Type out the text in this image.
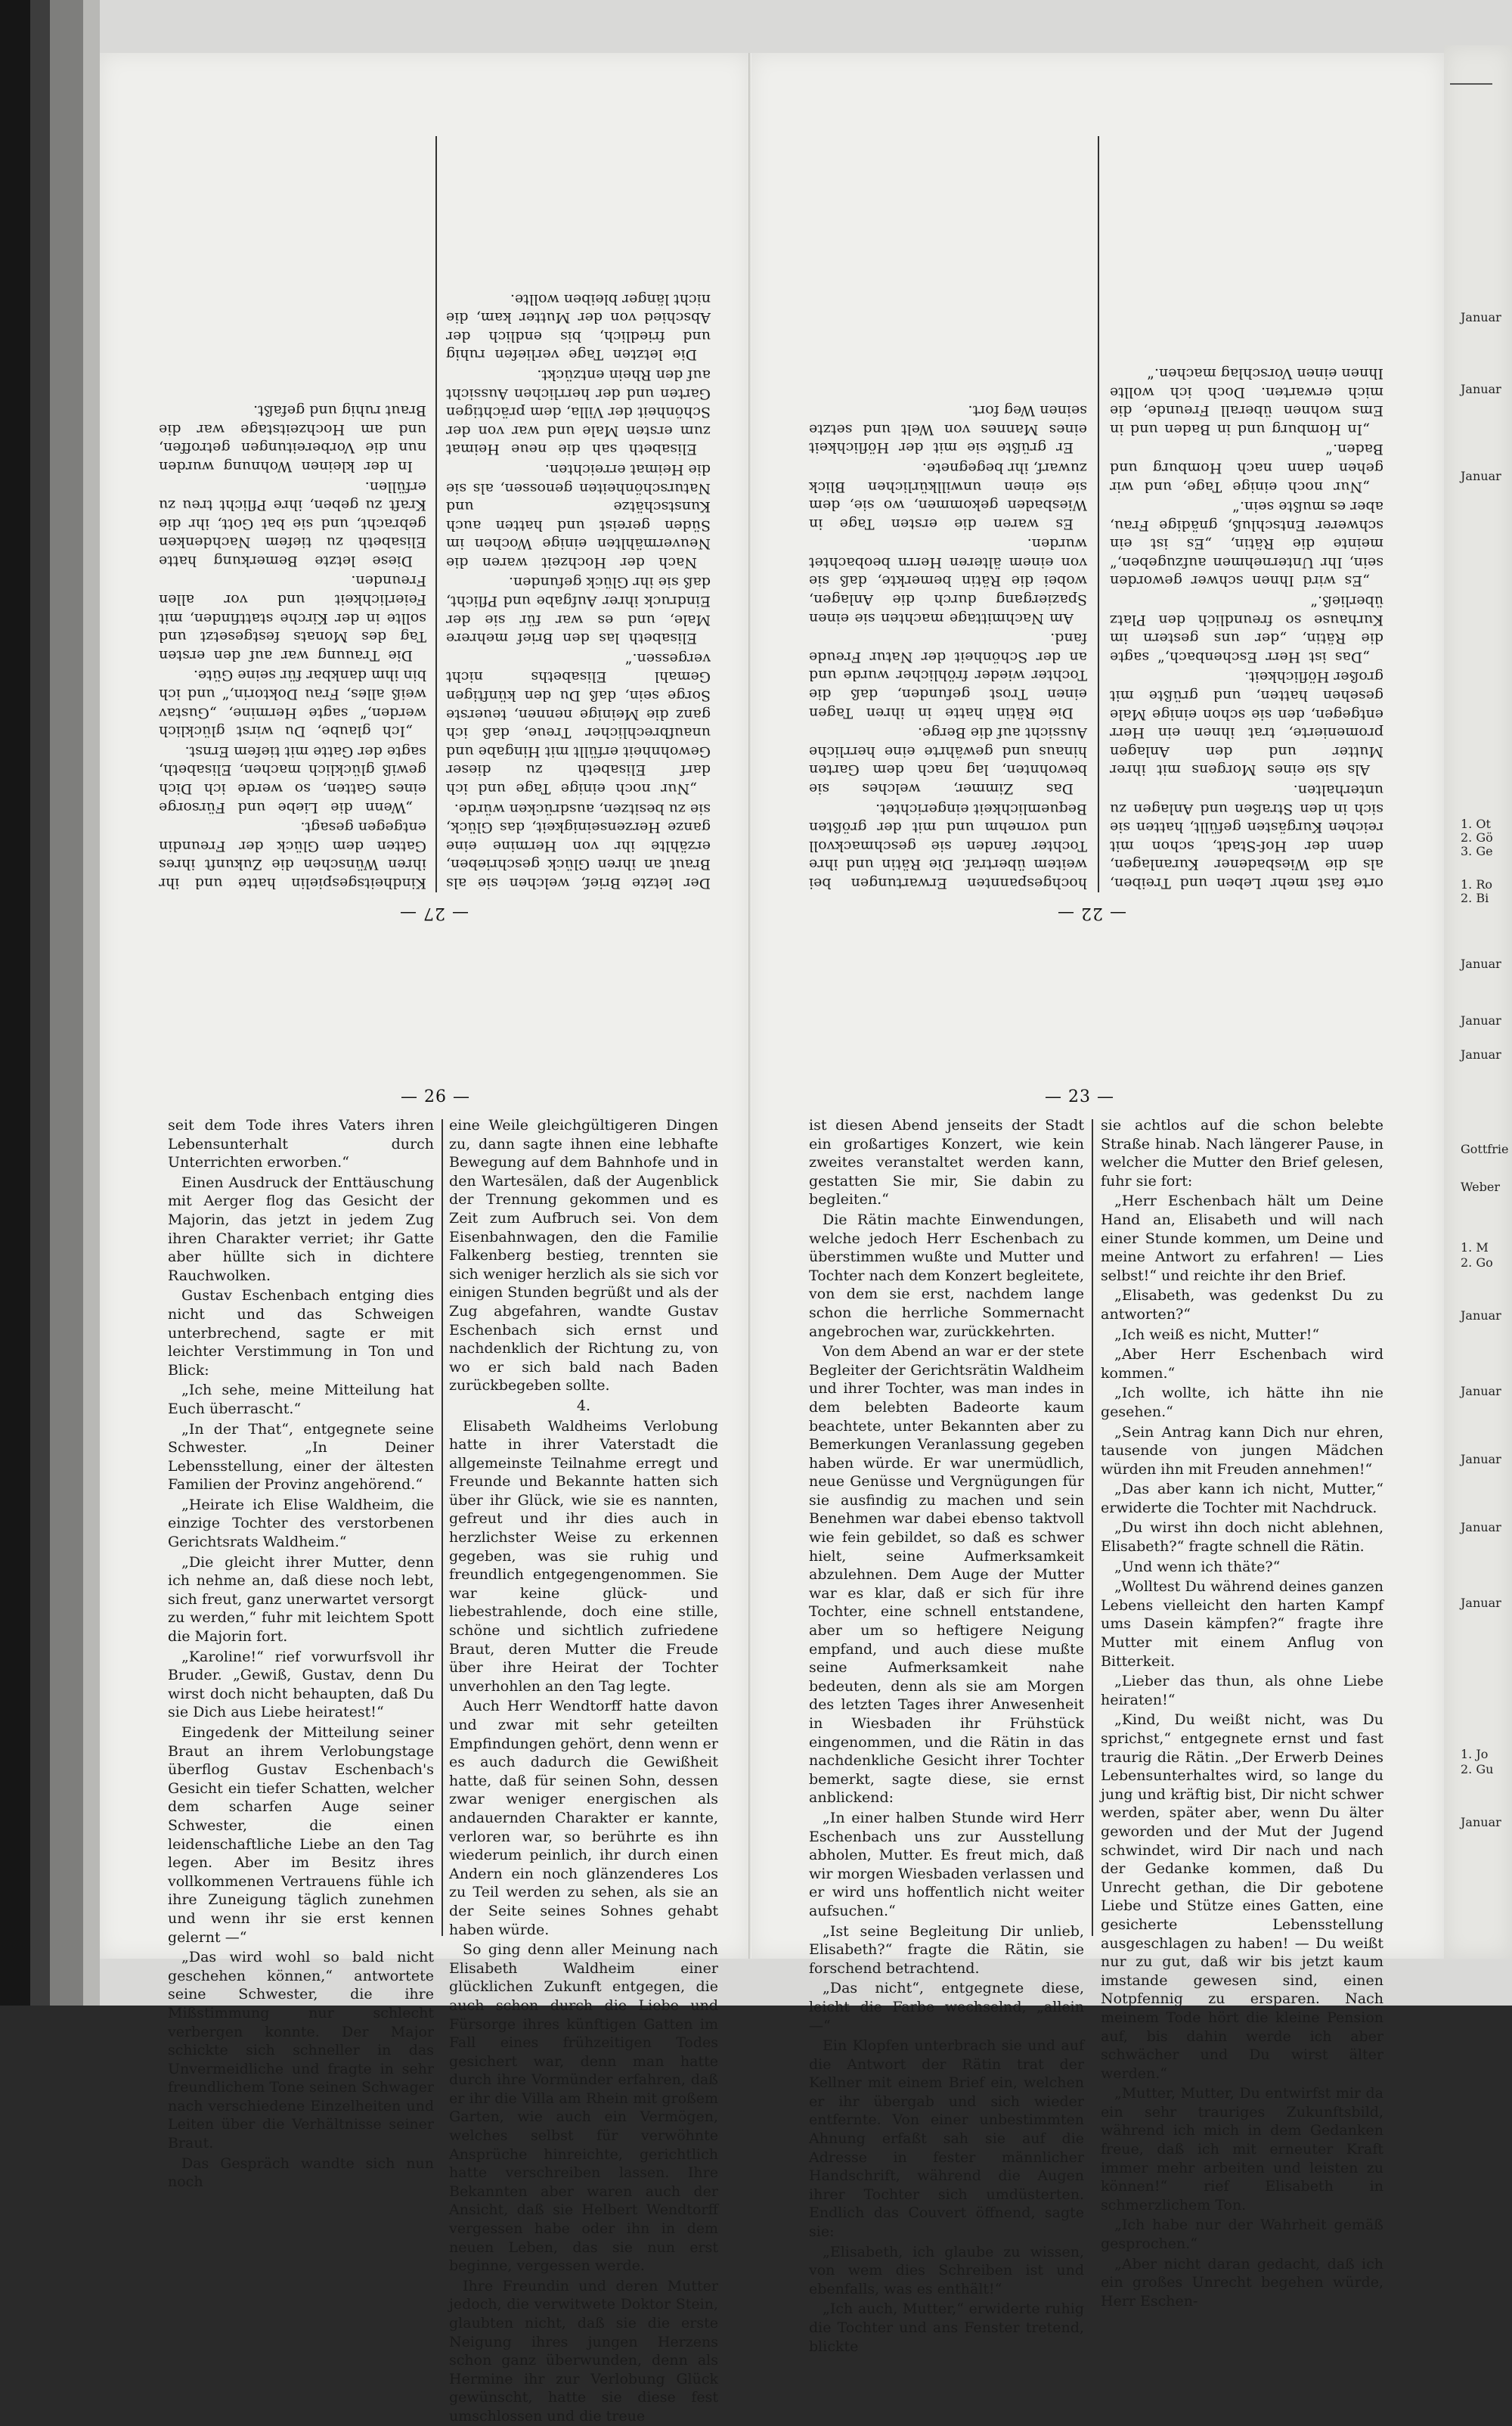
Der letzte Brief, welchen sie als Braut an ihren Glück geschrieben, erzählte ihr von Hermine eine ganze Herzenseinigkeit, das Glück, sie zu besitzen, ausdrücken würde.

„Nur noch einige Tage und ich darf Elisabeth zu dieser Gewohnheit erfüllt mit Hingabe und unaufbrechlicher Treue, daß ich ganz die Meinige nennen, teuerste Sorge sein, daß Du den künftigen Gemahl Elisabeths nicht vergessen.“

Elisabeth las den Brief mehrere Male, und es war für sie der Eindruck ihrer Aufgabe und Pflicht, daß sie ihr Glück gefunden.

Nach der Hochzeit waren die Neuvermählten einige Wochen im Süden gereist und hatten auch Kunstschätze und Naturschönheiten genossen, als sie die Heimat erreichten.

Elisabeth sah die neue Heimat zum ersten Male und war von der Schönheit der Villa, dem prächtigen Garten und der herrlichen Aussicht auf den Rhein entzückt.

Die letzten Tage verliefen ruhig und friedlich, bis endlich der Abschied von der Mutter kam, die nicht länger bleiben wollte.

Kindheitsgespielin hatte und ihr ihren Wünschen die Zukunft ihres Gatten dem Glück der Freundin entgegen gesagt.

„Wenn die Liebe und Fürsorge eines Gatten, so werde ich Dich gewiß glücklich machen, Elisabeth, sagte der Gatte mit tiefem Ernst.

„Ich glaube, Du wirst glücklich werden,“ sagte Hermine, „Gustav weiß alles, Frau Doktorin,“ und ich bin ihm dankbar für seine Güte.

Die Trauung war auf den ersten Tag des Monats festgesetzt und sollte in der Kirche stattfinden, mit Feierlichkeit und vor allen Freunden.

Diese letzte Bemerkung hatte Elisabeth zu tiefem Nachdenken gebracht, und sie bat Gott, ihr die Kraft zu geben, ihre Pflicht treu zu erfüllen.

In der kleinen Wohnung wurden nun die Vorbereitungen getroffen, und am Hochzeitstage war die Braut ruhig und gefaßt.

— 27 —

orte fast mehr Leben und Treiben, als die Wiesbadener Kuranlagen, denn der Hof-Stadt, schon mit reichen Kurgästen gefüllt, hatten sie sich in den Straßen und Anlagen zu unterhalten.

Als sie eines Morgens mit ihrer Mutter und den Anlagen promenierte, trat ihnen ein Herr entgegen, den sie schon einige Male gesehen hatten, und grüßte mit großer Höflichkeit.

„Das ist Herr Eschenbach,“ sagte die Rätin, „der uns gestern im Kurhause so freundlich den Platz überließ.“

„Es wird Ihnen schwer geworden sein, Ihr Unternehmen aufzugeben,“ meinte die Rätin, „Es ist ein schwerer Entschluß, gnädige Frau, aber es mußte sein.“

„Nur noch einige Tage, und wir gehen dann nach Homburg und Baden.“

„In Homburg und in Baden und in Ems wohnen überall Freunde, die mich erwarten. Doch ich wollte Ihnen einen Vorschlag machen.“

hochgespannten Erwartungen bei weitem übertraf. Die Rätin und ihre Tochter fanden sie geschmackvoll und vornehm und mit der größten Bequemlichkeit eingerichtet.

Das Zimmer, welches sie bewohnten, lag nach dem Garten hinaus und gewährte eine herrliche Aussicht auf die Berge.

Die Rätin hatte in ihren Tagen einen Trost gefunden, daß die Tochter wieder fröhlicher wurde und an der Schönheit der Natur Freude fand.

Am Nachmittage machten sie einen Spaziergang durch die Anlagen, wobei die Rätin bemerkte, daß sie von einem älteren Herrn beobachtet wurden.

Es waren die ersten Tage in Wiesbaden gekommen, wo sie, dem sie einen unwillkürlichen Blick zuwarf, ihr begegnete.

Er grüßte sie mit der Höflichkeit eines Mannes von Welt und setzte seinen Weg fort.

— 22 —
— 26 —

seit dem Tode ihres Vaters ihren Lebensunterhalt durch Unterrichten erworben.“

Einen Ausdruck der Enttäuschung mit Aerger flog das Gesicht der Majorin, das jetzt in jedem Zug ihren Charakter verriet; ihr Gatte aber hüllte sich in dichtere Rauchwolken.

Gustav Eschenbach entging dies nicht und das Schweigen unterbrechend, sagte er mit leichter Verstimmung in Ton und Blick:

„Ich sehe, meine Mitteilung hat Euch überrascht.“

„In der That“, entgegnete seine Schwester. „In Deiner Lebensstellung, einer der ältesten Familien der Provinz angehörend.“

„Heirate ich Elise Waldheim, die einzige Tochter des verstorbenen Gerichtsrats Waldheim.“

„Die gleicht ihrer Mutter, denn ich nehme an, daß diese noch lebt, sich freut, ganz unerwartet versorgt zu werden,“ fuhr mit leichtem Spott die Majorin fort.

„Karoline!“ rief vorwurfsvoll ihr Bruder. „Gewiß, Gustav, denn Du wirst doch nicht behaupten, daß Du sie Dich aus Liebe heiratest!“

Eingedenk der Mitteilung seiner Braut an ihrem Verlobungstage überflog Gustav Eschenbach's Gesicht ein tiefer Schatten, welcher dem scharfen Auge seiner Schwester, die einen leidenschaftliche Liebe an den Tag legen. Aber im Besitz ihres vollkommenen Vertrauens fühle ich ihre Zuneigung täglich zunehmen und wenn ihr sie erst kennen gelernt —“

„Das wird wohl so bald nicht geschehen können,“ antwortete seine Schwester, die ihre Mißstimmung nur schlecht verbergen konnte. Der Major schickte sich schneller in das Unvermeidliche und fragte in sehr freundlichem Tone seinen Schwager nach verschiedene Einzelheiten und Leiten über die Verhältnisse seiner Braut.

Das Gespräch wandte sich nun noch

eine Weile gleichgültigeren Dingen zu, dann sagte ihnen eine lebhafte Bewegung auf dem Bahnhofe und in den Wartesälen, daß der Augenblick der Trennung gekommen und es Zeit zum Aufbruch sei. Von dem Eisenbahnwagen, den die Familie Falkenberg bestieg, trennten sie sich weniger herzlich als sie sich vor einigen Stunden begrüßt und als der Zug abgefahren, wandte Gustav Eschenbach sich ernst und nachdenklich der Richtung zu, von wo er sich bald nach Baden zurückbegeben sollte.

4.

Elisabeth Waldheims Verlobung hatte in ihrer Vaterstadt die allgemeinste Teilnahme erregt und Freunde und Bekannte hatten sich über ihr Glück, wie sie es nannten, gefreut und ihr dies auch in herzlichster Weise zu erkennen gegeben, was sie ruhig und freundlich entgegengenommen. Sie war keine glück- und liebestrahlende, doch eine stille, schöne und sichtlich zufriedene Braut, deren Mutter die Freude über ihre Heirat der Tochter unverhohlen an den Tag legte.

Auch Herr Wendtorff hatte davon und zwar mit sehr geteilten Empfindungen gehört, denn wenn er es auch dadurch die Gewißheit hatte, daß für seinen Sohn, dessen zwar weniger energischen als andauernden Charakter er kannte, verloren war, so berührte es ihn wiederum peinlich, ihr durch einen Andern ein noch glänzenderes Los zu Teil werden zu sehen, als sie an der Seite seines Sohnes gehabt haben würde.

So ging denn aller Meinung nach Elisabeth Waldheim einer glücklichen Zukunft entgegen, die auch schon durch die Liebe und Fürsorge ihres künftigen Gatten im Fall eines frühzeitigen Todes gesichert war, denn man hatte durch ihre Vormünder erfahren, daß er ihr die Villa am Rhein mit großem Garten, wie auch ein Vermögen, welches selbst für verwöhnte Ansprüche hinreichte, gerichtlich hatte verschreiben lassen. Ihre Bekannten aber waren auch der Ansicht, daß sie Helbert Wendtorff vergessen habe oder ihn in dem neuen Leben, das sie nun erst beginne, vergessen werde.

Ihre Freundin und deren Mutter jedoch, die verwitwete Doktor Stein, glaubten nicht, daß sie die erste Neigung ihres jungen Herzens schon ganz überwunden, denn als Hermine ihr zur Verlobung Glück gewünscht, hatte sie diese fest umschlossen und die treue

— 23 —

ist diesen Abend jenseits der Stadt ein großartiges Konzert, wie kein zweites veranstaltet werden kann, gestatten Sie mir, Sie dabin zu begleiten.“

Die Rätin machte Einwendungen, welche jedoch Herr Eschenbach zu überstimmen wußte und Mutter und Tochter nach dem Konzert begleitete, von dem sie erst, nachdem lange schon die herrliche Sommernacht angebrochen war, zurückkehrten.

Von dem Abend an war er der stete Begleiter der Gerichtsrätin Waldheim und ihrer Tochter, was man indes in dem belebten Badeorte kaum beachtete, unter Bekannten aber zu Bemerkungen Veranlassung gegeben haben würde. Er war unermüdlich, neue Genüsse und Vergnügungen für sie ausfindig zu machen und sein Benehmen war dabei ebenso taktvoll wie fein gebildet, so daß es schwer hielt, seine Aufmerksamkeit abzulehnen. Dem Auge der Mutter war es klar, daß er sich für ihre Tochter, eine schnell entstandene, aber um so heftigere Neigung empfand, und auch diese mußte seine Aufmerksamkeit nahe bedeuten, denn als sie am Morgen des letzten Tages ihrer Anwesenheit in Wiesbaden ihr Frühstück eingenommen, und die Rätin in das nachdenkliche Gesicht ihrer Tochter bemerkt, sagte diese, sie ernst anblickend:

„In einer halben Stunde wird Herr Eschenbach uns zur Ausstellung abholen, Mutter. Es freut mich, daß wir morgen Wiesbaden verlassen und er wird uns hoffentlich nicht weiter aufsuchen.“

„Ist seine Begleitung Dir unlieb, Elisabeth?“ fragte die Rätin, sie forschend betrachtend.

„Das nicht“, entgegnete diese, leicht die Farbe wechselnd, „allein —“

Ein Klopfen unterbrach sie und auf die Antwort der Rätin trat der Kellner mit einem Brief ein, welchen er ihr übergab und sich wieder entfernte. Von einer unbestimmten Ahnung erfaßt sah sie auf die Adresse in fester männlicher Handschrift, während die Augen ihrer Tochter sich umdüsterten. Endlich das Couvert öffnend, sagte sie:

„Elisabeth, ich glaube zu wissen, von wem dies Schreiben ist und ebenfalls, was es enthält!“

„Ich auch, Mutter,“ erwiderte ruhig die Tochter und ans Fenster tretend, blickte

sie achtlos auf die schon belebte Straße hinab. Nach längerer Pause, in welcher die Mutter den Brief gelesen, fuhr sie fort:

„Herr Eschenbach hält um Deine Hand an, Elisabeth und will nach einer Stunde kommen, um Deine und meine Antwort zu erfahren! — Lies selbst!“ und reichte ihr den Brief.

„Elisabeth, was gedenkst Du zu antworten?“

„Ich weiß es nicht, Mutter!“

„Aber Herr Eschenbach wird kommen.“

„Ich wollte, ich hätte ihn nie gesehen.“

„Sein Antrag kann Dich nur ehren, tausende von jungen Mädchen würden ihn mit Freuden annehmen!“

„Das aber kann ich nicht, Mutter,“ erwiderte die Tochter mit Nachdruck.

„Du wirst ihn doch nicht ablehnen, Elisabeth?“ fragte schnell die Rätin.

„Und wenn ich thäte?“

„Wolltest Du während deines ganzen Lebens vielleicht den harten Kampf ums Dasein kämpfen?“ fragte ihre Mutter mit einem Anflug von Bitterkeit.

„Lieber das thun, als ohne Liebe heiraten!“

„Kind, Du weißt nicht, was Du sprichst,“ entgegnete ernst und fast traurig die Rätin. „Der Erwerb Deines Lebensunterhaltes wird, so lange du jung und kräftig bist, Dir nicht schwer werden, später aber, wenn Du älter geworden und der Mut der Jugend schwindet, wird Dir nach und nach der Gedanke kommen, daß Du Unrecht gethan, die Dir gebotene Liebe und Stütze eines Gatten, eine gesicherte Lebensstellung ausgeschlagen zu haben! — Du weißt nur zu gut, daß wir bis jetzt kaum imstande gewesen sind, einen Notpfennig zu ersparen. Nach meinem Tode hört die kleine Pension auf, bis dahin werde ich aber schwächer und Du wirst älter werden.“

„Mutter, Mutter, Du entwirfst mir da ein sehr trauriges Zukunftsbild, während ich mich in dem Gedanken freue, daß ich mit erneuter Kraft immer mehr arbeiten und leisten zu können!“ rief Elisabeth in schmerzlichem Ton.

„Ich habe nur der Wahrheit gemäß gesprochen.“

„Aber nicht daran gedacht, daß ich ein großes Unrecht begehen würde, Herr Eschen-

Januar
Januar
Januar
1. Ot
2. Gö
3. Ge
1. Ro
2. Bi
Januar
Januar
Januar
Gottfrie
Weber
1. M
2. Go
Januar
Januar
Januar
Januar
Januar
1. Jo
2. Gu
Januar
